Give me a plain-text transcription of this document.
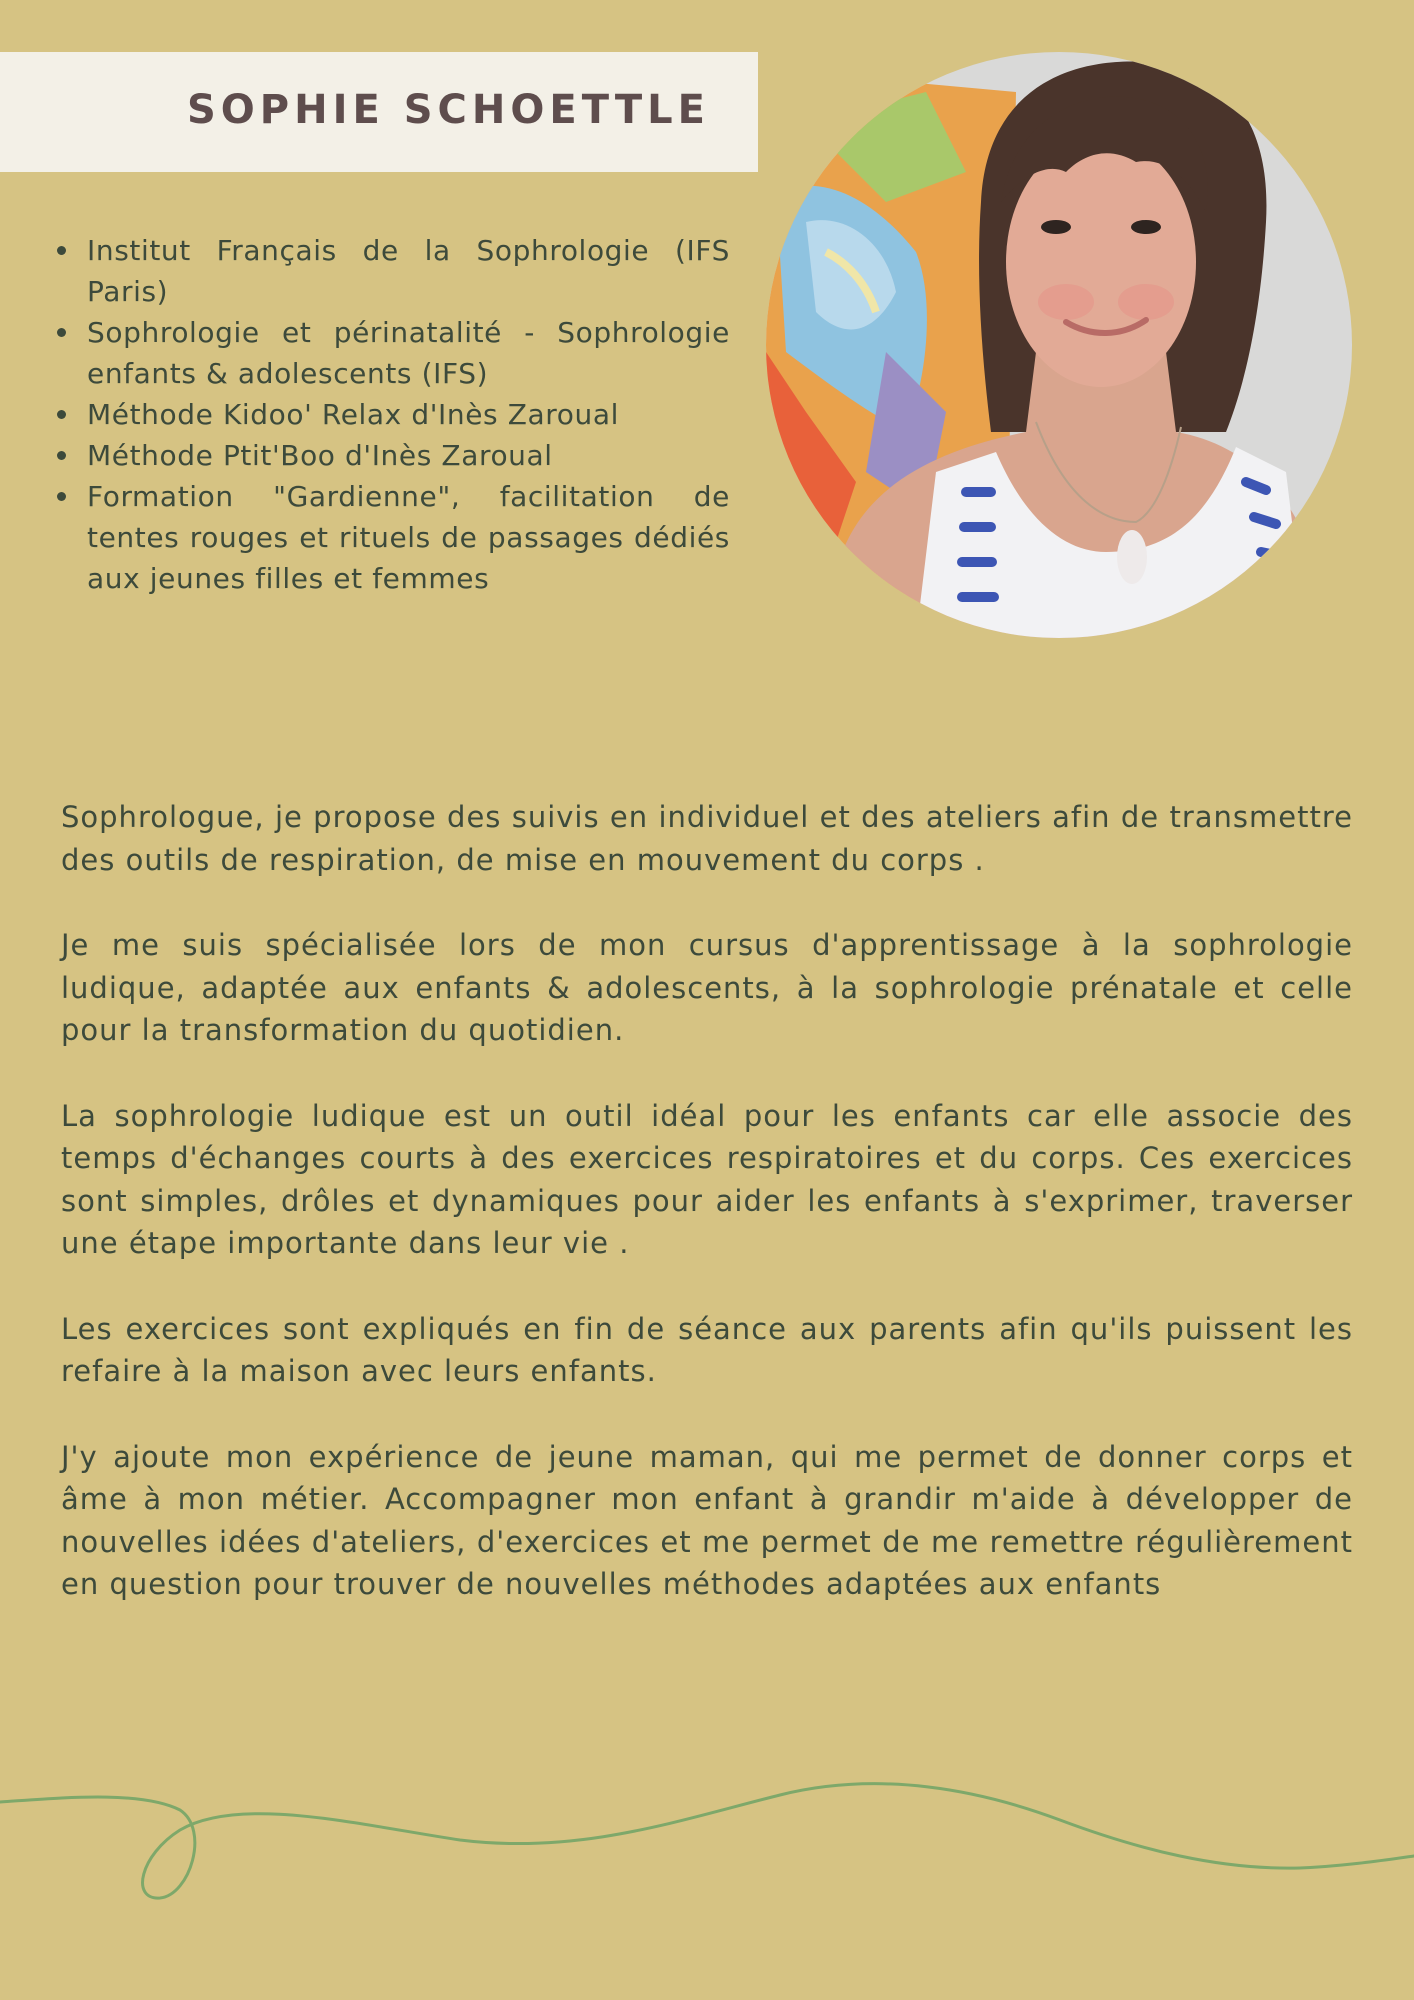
SOPHIE SCHOETTLE
Institut Français de la Sophrologie (IFS Paris)
Sophrologie et périnatalité - Sophrologie enfants & adolescents (IFS)
Méthode Kidoo' Relax d'Inès Zaroual
Méthode Ptit'Boo d'Inès Zaroual
Formation "Gardienne", facilitation de tentes rouges et rituels de passages dédiés aux jeunes filles et femmes

Sophrologue, je propose des suivis en individuel et des ateliers afin de transmettre des outils de respiration, de mise en mouvement du corps .

Je me suis spécialisée lors de mon cursus d'apprentissage à la sophrologie ludique, adaptée aux enfants & adolescents, à la sophrologie prénatale et celle pour la transformation du quotidien.

La sophrologie ludique est un outil idéal pour les enfants car elle associe des temps d'échanges courts à des exercices respiratoires et du corps. Ces exercices sont simples, drôles et dynamiques pour aider les enfants à s'exprimer, traverser une étape importante dans leur vie .

Les exercices sont expliqués en fin de séance aux parents afin qu'ils puissent les refaire à la maison avec leurs enfants.

J'y ajoute mon expérience de jeune maman, qui me permet de donner corps et âme à mon métier. Accompagner mon enfant à grandir m'aide à développer de nouvelles idées d'ateliers, d'exercices et me permet de me remettre régulièrement en question pour trouver de nouvelles méthodes adaptées aux enfants
